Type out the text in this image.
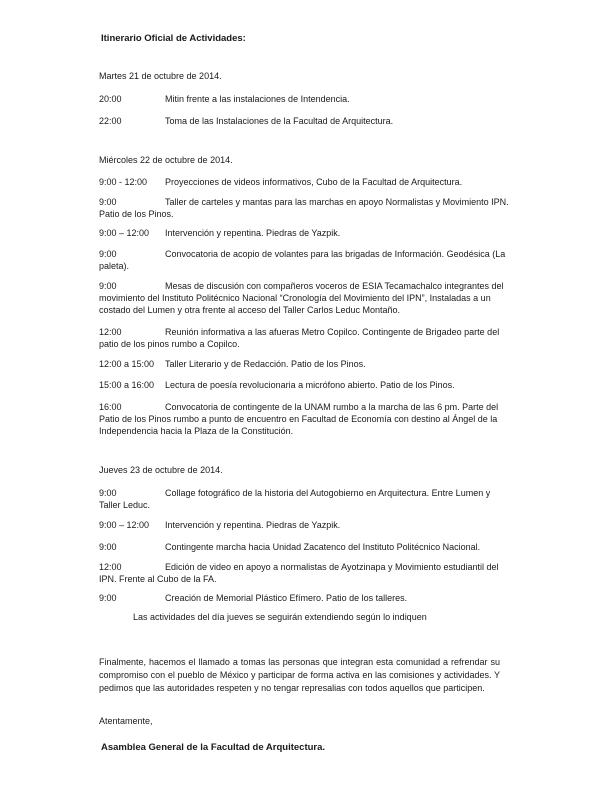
Itinerario Oficial de Actividades:
Martes 21 de octubre de 2014.
20:00	Mitin frente a las instalaciones de Intendencia.
22:00	Toma de las Instalaciones de la Facultad de Arquitectura.
Miércoles 22 de octubre de 2014.
9:00 - 12:00	Proyecciones de videos informativos, Cubo de la Facultad de Arquitectura.
9:00	Taller de carteles y mantas para las marchas en apoyo Normalistas y Movimiento IPN. Patio de los Pinos.
9:00 – 12:00	Intervención y repentina. Piedras de Yazpik.
9:00	Convocatoria de acopio de volantes para las brigadas de Información. Geodésica (La paleta).
9:00	Mesas de discusión con compañeros voceros de ESIA Tecamachalco integrantes del movimiento del Instituto Politécnico Nacional “Cronología del Movimiento del IPN”, Instaladas a un costado del Lumen y otra frente al acceso del Taller Carlos Leduc Montaño.
12:00	Reunión informativa a las afueras Metro Copilco. Contingente de Brigadeo parte del patio de los pinos rumbo a Copilco.
12:00 a 15:00	Taller Literario y de Redacción. Patio de los Pinos.
15:00 a 16:00	Lectura de poesía revolucionaria a micrófono abierto. Patio de los Pinos.
16:00	Convocatoria de contingente de la UNAM rumbo a la marcha de las 6 pm. Parte del Patio de los Pinos rumbo a punto de encuentro en Facultad de Economía con destino al Ángel de la Independencia hacia la Plaza de la Constitución.
Jueves 23 de octubre de 2014.
9:00	Collage fotográfico de la historia del Autogobierno en Arquitectura. Entre Lumen y Taller Leduc.
9:00 – 12:00	Intervención y repentina. Piedras de Yazpik.
9:00	Contingente marcha hacia Unidad Zacatenco del Instituto Politécnico Nacional.
12:00	Edición de video en apoyo a normalistas de Ayotzinapa y Movimiento estudiantil del IPN. Frente al Cubo de la FA.
9:00	Creación de Memorial Plástico Efímero. Patio de los talleres.
Las actividades del día jueves se seguirán extendiendo según lo indiquen
Finalmente, hacemos el llamado a tomas las personas que integran esta comunidad a refrendar su compromiso con el pueblo de México y participar de forma activa en las comisiones y actividades. Y pedimos que las autoridades respeten y no tengar represalias con todos aquellos que participen.
Atentamente,
Asamblea General de la Facultad de Arquitectura.
